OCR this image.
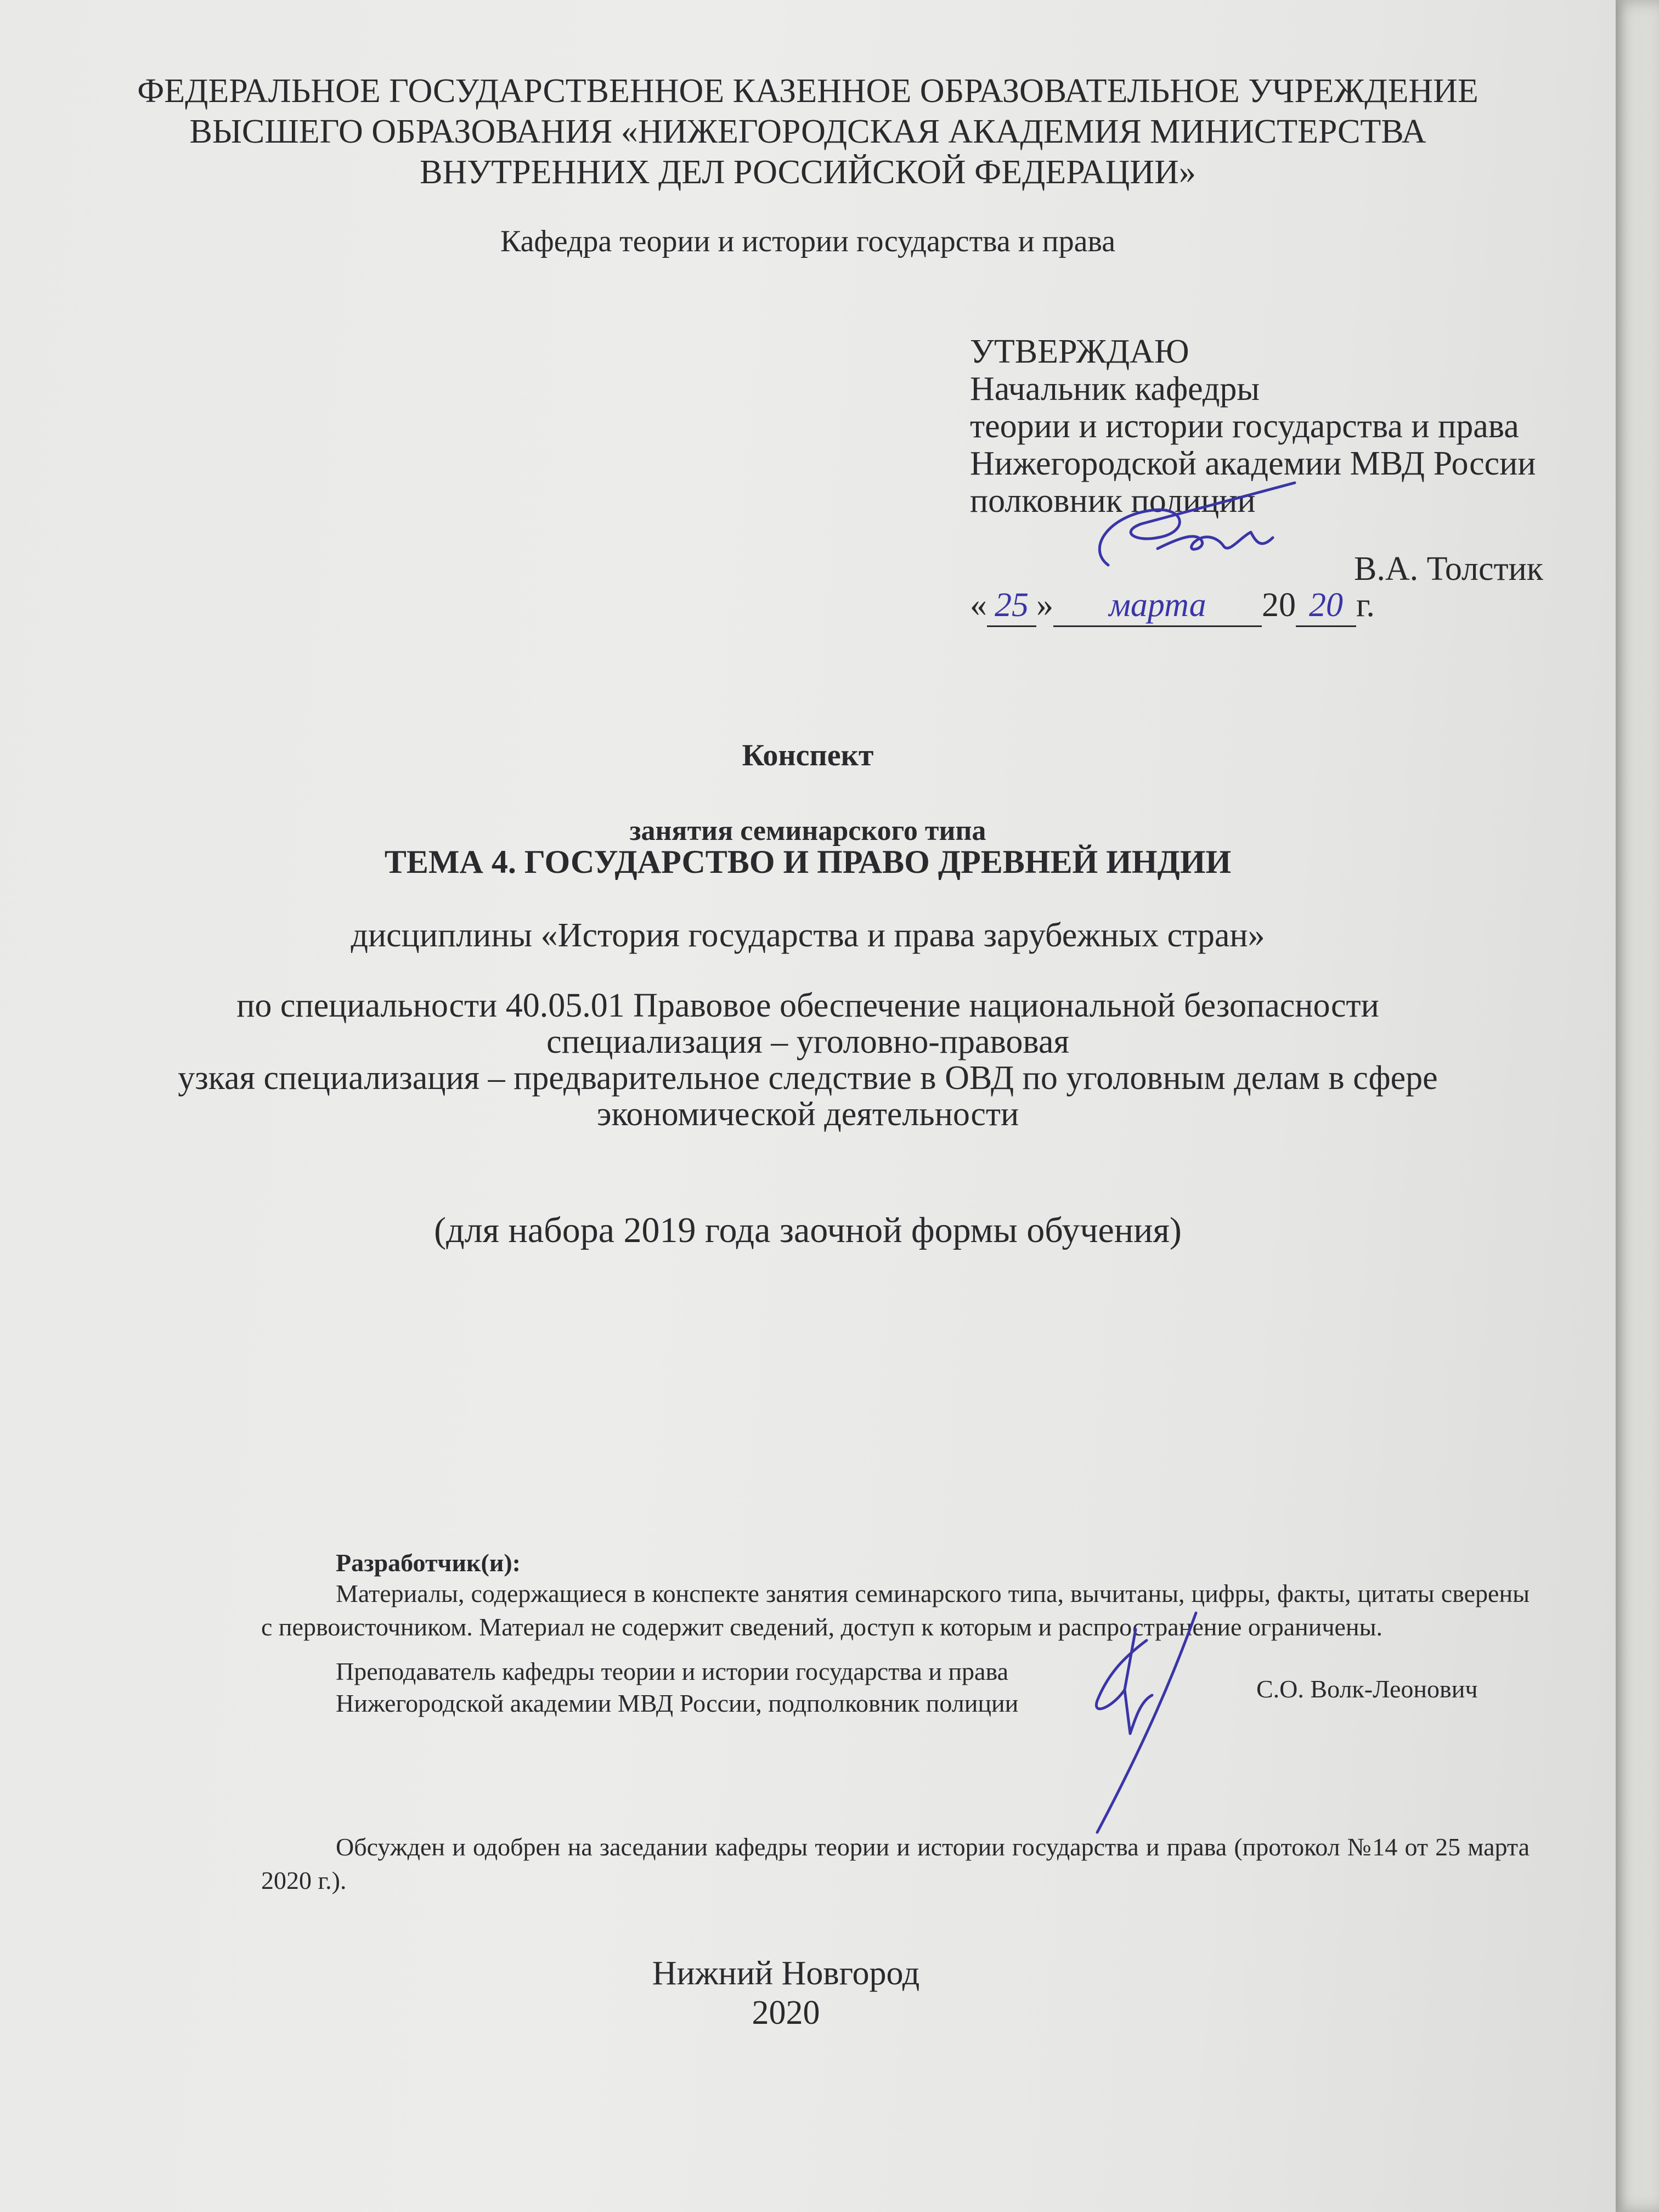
ФЕДЕРАЛЬНОЕ ГОСУДАРСТВЕННОЕ КАЗЕННОЕ ОБРАЗОВАТЕЛЬНОЕ УЧРЕЖДЕНИЕ
ВЫСШЕГО ОБРАЗОВАНИЯ «НИЖЕГОРОДСКАЯ АКАДЕМИЯ МИНИСТЕРСТВА
ВНУТРЕННИХ ДЕЛ РОССИЙСКОЙ ФЕДЕРАЦИИ»
Кафедра теории и истории государства и права
УТВЕРЖДАЮ
Начальник кафедры
теории и истории государства и права
Нижегородской академии МВД России
полковник полиции
В.А. Толстик
« 25 » марта 20 20 г.
Конспект
занятия семинарского типа
ТЕМА 4. ГОСУДАРСТВО И ПРАВО ДРЕВНЕЙ ИНДИИ
дисциплины «История государства и права зарубежных стран»
по специальности 40.05.01 Правовое обеспечение национальной безопасности
специализация – уголовно-правовая
узкая специализация – предварительное следствие в ОВД по уголовным делам в сфере
экономической деятельности
(для набора 2019 года заочной формы обучения)
Разработчик(и):
Материалы, содержащиеся в конспекте занятия семинарского типа, вычитаны, цифры, факты, цитаты сверены с первоисточником. Материал не содержит сведений, доступ к которым и распространение ограничены.
Преподаватель кафедры теории и истории государства и права
Нижегородской академии МВД России, подполковник полиции
С.О. Волк-Леонович
Обсужден и одобрен на заседании кафедры теории и истории государства и права (протокол №14 от 25 марта 2020 г.).
Нижний Новгород
2020
